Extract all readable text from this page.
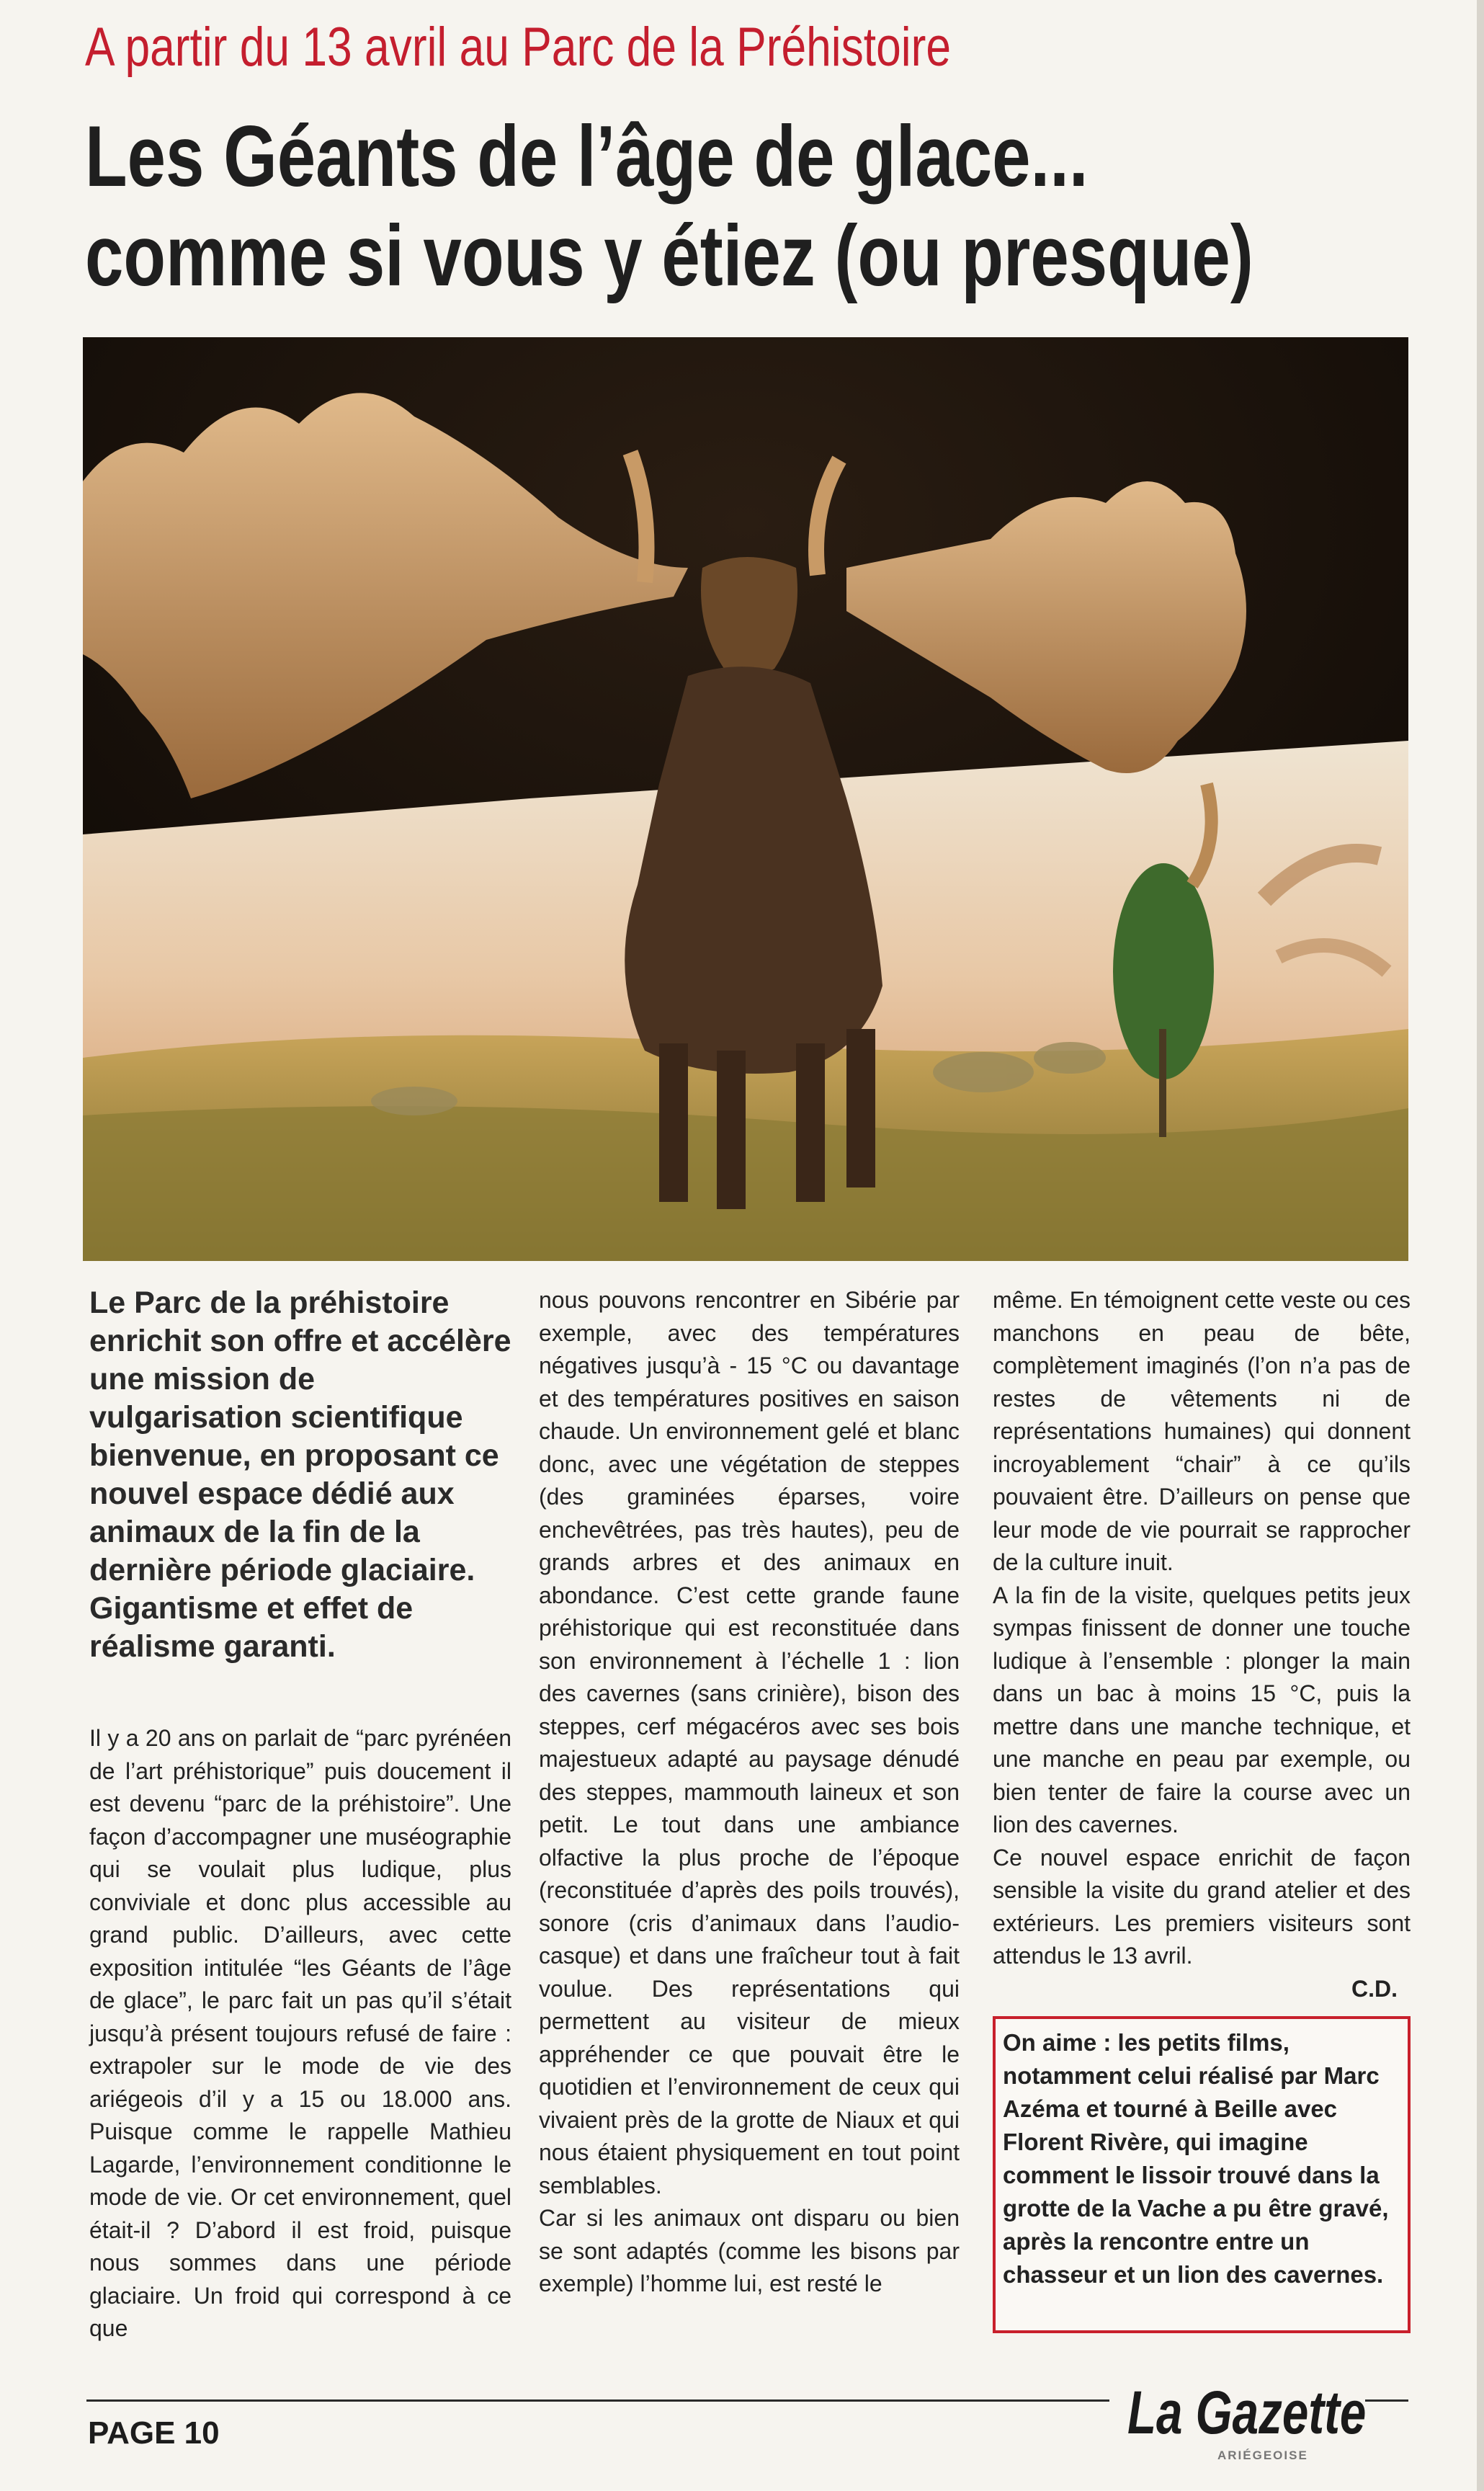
A partir du 13 avril au Parc de la Préhistoire
Les Géants de l’âge de glace... comme si vous y étiez (ou presque)

Le Parc de la préhistoire enrichit son offre et accélère une mission de vulgarisation scientifique bienvenue, en proposant ce nouvel espace dédié aux animaux de la fin de la dernière période glaciaire. Gigantisme et effet de réalisme garanti.

Il y a 20 ans on parlait de “parc pyrénéen de l’art préhistorique” puis doucement il est devenu “parc de la préhistoire”. Une façon d’accompagner une muséographie qui se voulait plus ludique, plus conviviale et donc plus accessible au grand public. D’ailleurs, avec cette exposition intitulée “les Géants de l’âge de glace”, le parc fait un pas qu’il s’était jusqu’à présent toujours refusé de faire : extrapoler sur le mode de vie des ariégeois d’il y a 15 ou 18.000 ans. Puisque comme le rappelle Mathieu Lagarde, l’environnement conditionne le mode de vie. Or cet environnement, quel était-il ? D’abord il est froid, puisque nous sommes dans une période glaciaire. Un froid qui correspond à ce que

nous pouvons rencontrer en Sibérie par exemple, avec des températures négatives jusqu’à - 15 °C ou davantage et des températures positives en saison chaude. Un environnement gelé et blanc donc, avec une végétation de steppes (des graminées éparses, voire enchevêtrées, pas très hautes), peu de grands arbres et des animaux en abondance. C’est cette grande faune préhistorique qui est reconstituée dans son environnement à l’échelle 1 : lion des cavernes (sans crinière), bison des steppes, cerf mégacéros avec ses bois majestueux adapté au paysage dénudé des steppes, mammouth laineux et son petit. Le tout dans une ambiance olfactive la plus proche de l’époque (reconstituée d’après des poils trouvés), sonore (cris d’animaux dans l’audio-casque) et dans une fraîcheur tout à fait voulue. Des représentations qui permettent au visiteur de mieux appréhender ce que pouvait être le quotidien et l’environnement de ceux qui vivaient près de la grotte de Niaux et qui nous étaient physiquement en tout point semblables.

Car si les animaux ont disparu ou bien se sont adaptés (comme les bisons par exemple) l’homme lui, est resté le

même. En témoignent cette veste ou ces manchons en peau de bête, complètement imaginés (l’on n’a pas de restes de vêtements ni de représentations humaines) qui donnent incroyablement “chair” à ce qu’ils pouvaient être. D’ailleurs on pense que leur mode de vie pourrait se rapprocher de la culture inuit.

A la fin de la visite, quelques petits jeux sympas finissent de donner une touche ludique à l’ensemble : plonger la main dans un bac à moins 15 °C, puis la mettre dans une manche technique, et une manche en peau par exemple, ou bien tenter de faire la course avec un lion des cavernes.

Ce nouvel espace enrichit de façon sensible la visite du grand atelier et des extérieurs. Les premiers visiteurs sont attendus le 13 avril.

C.D.

On aime : les petits films, notamment celui réalisé par Marc Azéma et tourné à Beille avec Florent Rivère, qui imagine comment le lissoir trouvé dans la grotte de la Vache a pu être gravé, après la rencontre entre un chasseur et un lion des cavernes.

PAGE 10	La Gazette
ARIÉGEOISE
